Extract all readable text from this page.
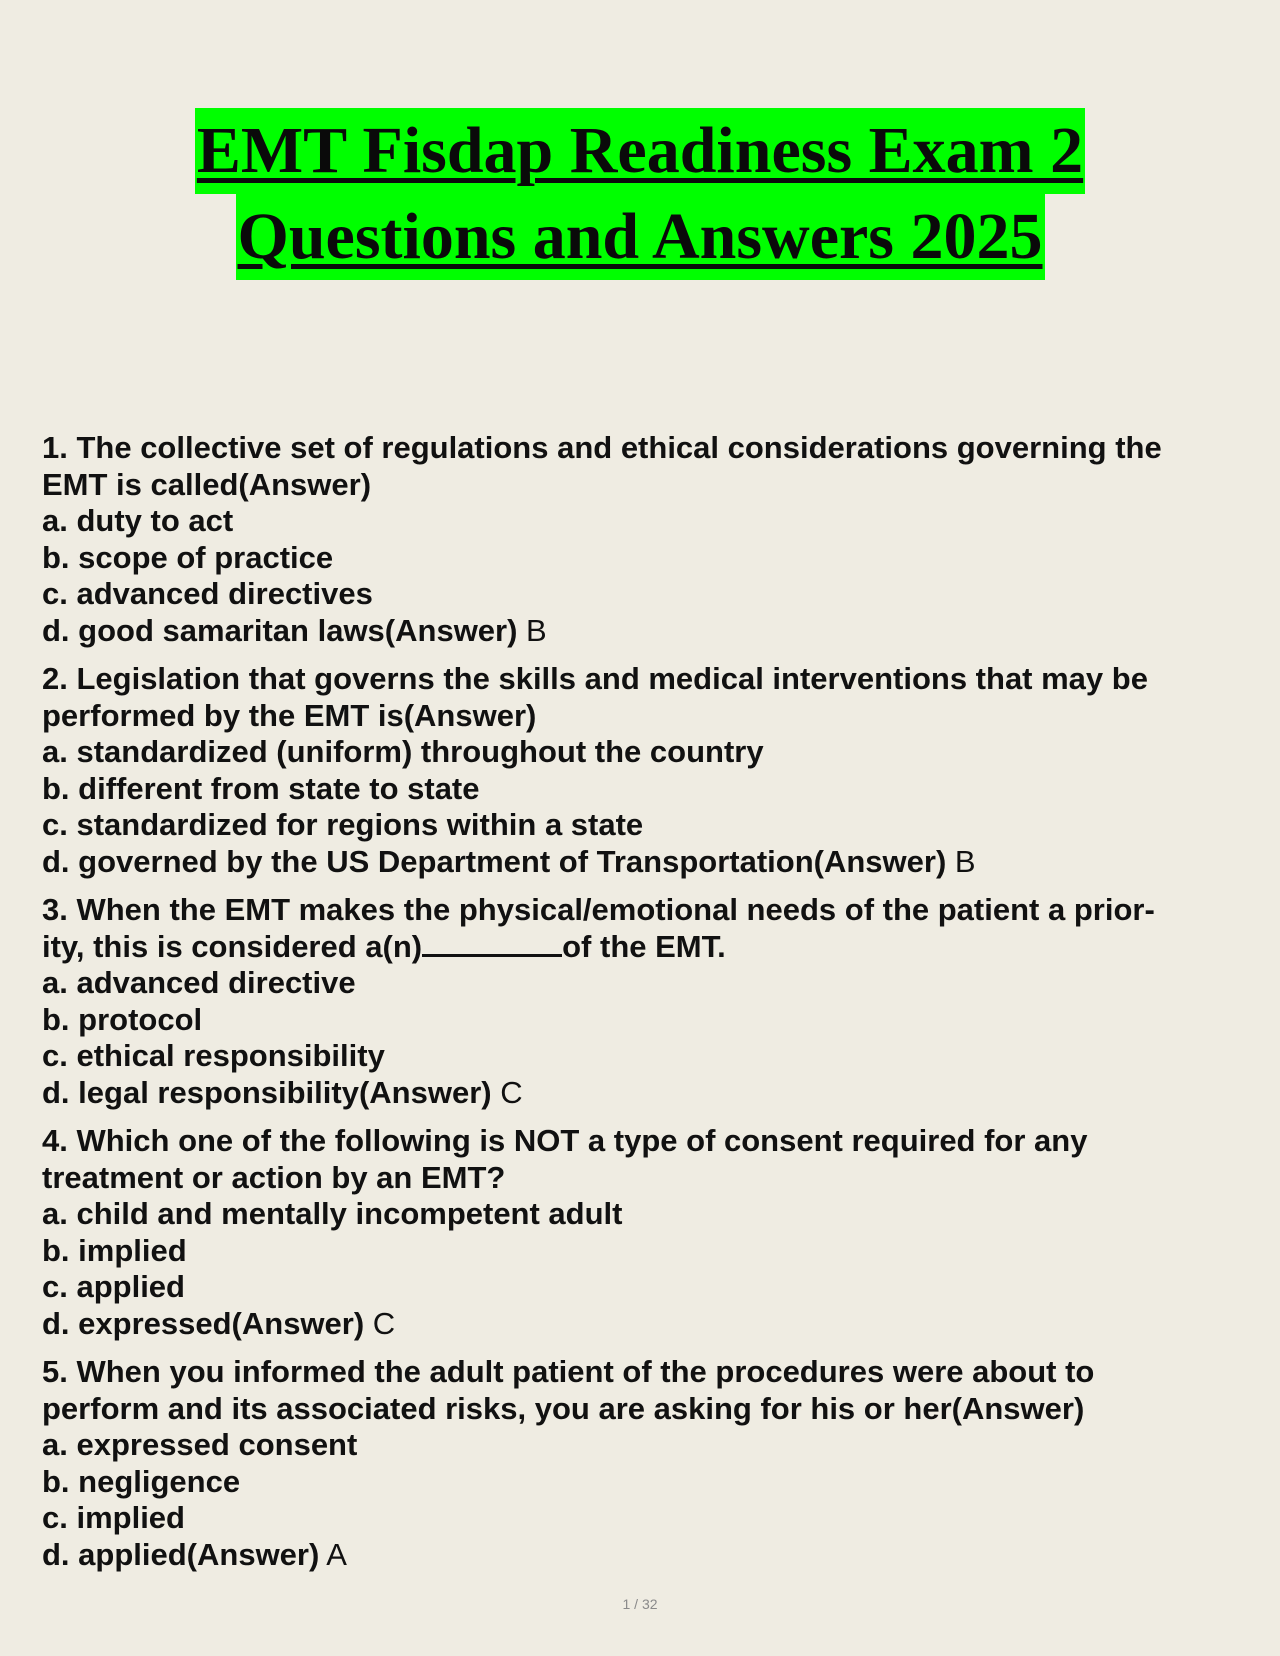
EMT Fisdap Readiness Exam 2
Questions and Answers 2025
1. The collective set of regulations and ethical considerations governing the
EMT is called(Answer)
a. duty to act
b. scope of practice
c. advanced directives
d. good samaritan laws(Answer) B
2. Legislation that governs the skills and medical interventions that may be
performed by the EMT is(Answer)
a. standardized (uniform) throughout the country
b. different from state to state
c. standardized for regions within a state
d. governed by the US Department of Transportation(Answer) B
3. When the EMT makes the physical/emotional needs of the patient a prior-
ity, this is considered a(n)	of the EMT.
a. advanced directive
b. protocol
c. ethical responsibility
d. legal responsibility(Answer) C
4. Which one of the following is NOT a type of consent required for any
treatment or action by an EMT?
a. child and mentally incompetent adult
b. implied
c. applied
d. expressed(Answer) C
5. When you informed the adult patient of the procedures were about to
perform and its associated risks, you are asking for his or her(Answer)
a. expressed consent
b. negligence
c. implied
d. applied(Answer) A
1 / 32
